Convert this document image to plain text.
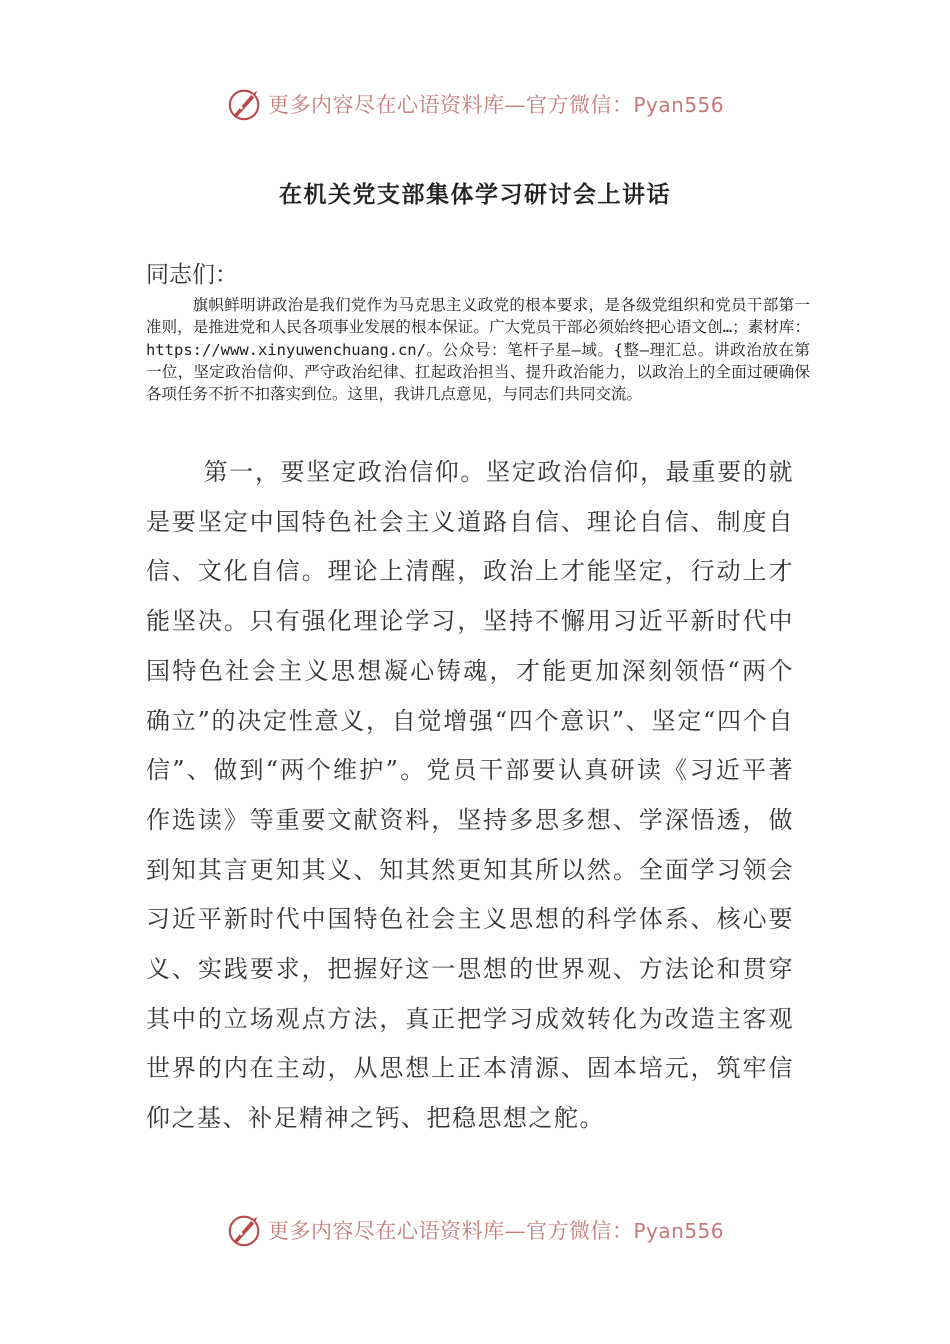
更多内容尽在心语资料库—官方微信：Pyan556
在机关党支部集体学习研讨会上讲话
同志们：

旗帜鲜明讲政治是我们党作为马克思主义政党的根本要求，是各级党组织和党员干部第一准则，是推进党和人民各项事业发展的根本保证。广大党员干部必须始终把心语文创…；素材库：https://www.xinyuwenchuang.cn/。公众号：笔杆子星—域。{整—理汇总。讲政治放在第一位，坚定政治信仰、严守政治纪律、扛起政治担当、提升政治能力，以政治上的全面过硬确保各项任务不折不扣落实到位。这里，我讲几点意见，与同志们共同交流。

第一，要坚定政治信仰。坚定政治信仰，最重要的就是要坚定中国特色社会主义道路自信、理论自信、制度自信、文化自信。理论上清醒，政治上才能坚定，行动上才能坚决。只有强化理论学习，坚持不懈用习近平新时代中国特色社会主义思想凝心铸魂，才能更加深刻领悟“两个确立”的决定性意义，自觉增强“四个意识”、坚定“四个自信”、做到“两个维护”。党员干部要认真研读《习近平著作选读》等重要文献资料，坚持多思多想、学深悟透，做到知其言更知其义、知其然更知其所以然。全面学习领会习近平新时代中国特色社会主义思想的科学体系、核心要义、实践要求，把握好这一思想的世界观、方法论和贯穿其中的立场观点方法，真正把学习成效转化为改造主客观世界的内在主动，从思想上正本清源、固本培元，筑牢信仰之基、补足精神之钙、把稳思想之舵。

更多内容尽在心语资料库—官方微信：Pyan556
